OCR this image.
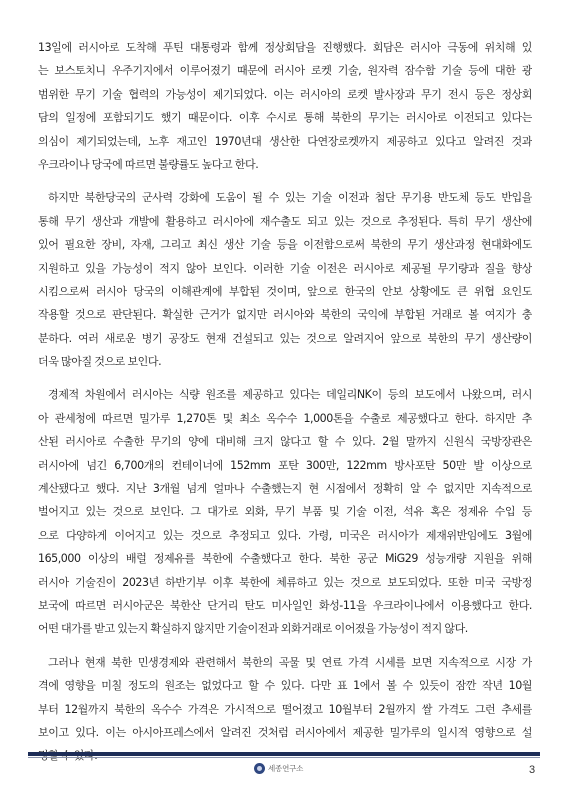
13일에 러시아로 도착해 푸틴 대통령과 함께 정상회담을 진행했다. 회담은 러시아 극동에 위치해 있
는 보스토치니 우주기지에서 이루어졌기 때문에 러시아 로켓 기술, 원자력 잠수함 기술 등에 대한 광
범위한 무기 기술 협력의 가능성이 제기되었다. 이는 러시아의 로켓 발사장과 무기 전시 등은 정상회
담의 일정에 포함되기도 했기 때문이다. 이후 수시로 통해 북한의 무기는 러시아로 이전되고 있다는
의심이 제기되었는데, 노후 재고인 1970년대 생산한 다연장로켓까지 제공하고 있다고 알려진 것과
우크라이나 당국에 따르면 불량률도 높다고 한다.
하지만 북한당국의 군사력 강화에 도움이 될 수 있는 기술 이전과 첨단 무기용 반도체 등도 반입을
통해 무기 생산과 개발에 활용하고 러시아에 재수출도 되고 있는 것으로 추정된다. 특히 무기 생산에
있어 필요한 장비, 자재, 그리고 최신 생산 기술 등을 이전함으로써 북한의 무기 생산과정 현대화에도
지원하고 있을 가능성이 적지 않아 보인다. 이러한 기술 이전은 러시아로 제공될 무기량과 질을 향상
시킴으로써 러시아 당국의 이해관계에 부합된 것이며, 앞으로 한국의 안보 상황에도 큰 위협 요인도
작용할 것으로 판단된다. 확실한 근거가 없지만 러시아와 북한의 국익에 부합된 거래로 볼 여지가 충
분하다. 여러 새로운 병기 공장도 현재 건설되고 있는 것으로 알려지어 앞으로 북한의 무기 생산량이
더욱 많아질 것으로 보인다.
경제적 차원에서 러시아는 식량 원조를 제공하고 있다는 데일리NK이 등의 보도에서 나왔으며, 러시
아 관세청에 따르면 밀가루 1,270톤 및 최소 옥수수 1,000톤을 수출로 제공했다고 한다. 하지만 추
산된 러시아로 수출한 무기의 양에 대비해 크지 않다고 할 수 있다. 2월 말까지 신원식 국방장관은
러시아에 넘긴 6,700개의 컨테이너에 152mm 포탄 300만, 122mm 방사포탄 50만 발 이상으로
계산됐다고 했다. 지난 3개월 넘게 얼마나 수출했는지 현 시점에서 정확히 알 수 없지만 지속적으로
벌어지고 있는 것으로 보인다. 그 대가로 외화, 무기 부품 및 기술 이전, 석유 혹은 정제유 수입 등
으로 다양하게 이어지고 있는 것으로 추정되고 있다. 가령, 미국은 러시아가 제재위반임에도 3월에
165,000 이상의 배럴 정제유를 북한에 수출했다고 한다. 북한 공군 MiG29 성능개량 지원을 위해
러시아 기술진이 2023년 하반기부 이후 북한에 체류하고 있는 것으로 보도되었다. 또한 미국 국방정
보국에 따르면 러시아군은 북한산 단거리 탄도 미사일인 화성-11을 우크라이나에서 이용했다고 한다.
어떤 대가를 받고 있는지 확실하지 않지만 기술이전과 외화거래로 이어졌을 가능성이 적지 않다.
그러나 현재 북한 민생경제와 관련해서 북한의 곡물 및 연료 가격 시세를 보면 지속적으로 시장 가
격에 영향을 미칠 정도의 원조는 없었다고 할 수 있다. 다만 표 1에서 볼 수 있듯이 잠깐 작년 10월
부터 12월까지 북한의 옥수수 가격은 가시적으로 떨어졌고 10월부터 2월까지 쌀 가격도 그런 추세를
보이고 있다. 이는 아시아프레스에서 알려진 것처럼 러시아에서 제공한 밀가루의 일시적 영향으로 설
세종연구소	3
